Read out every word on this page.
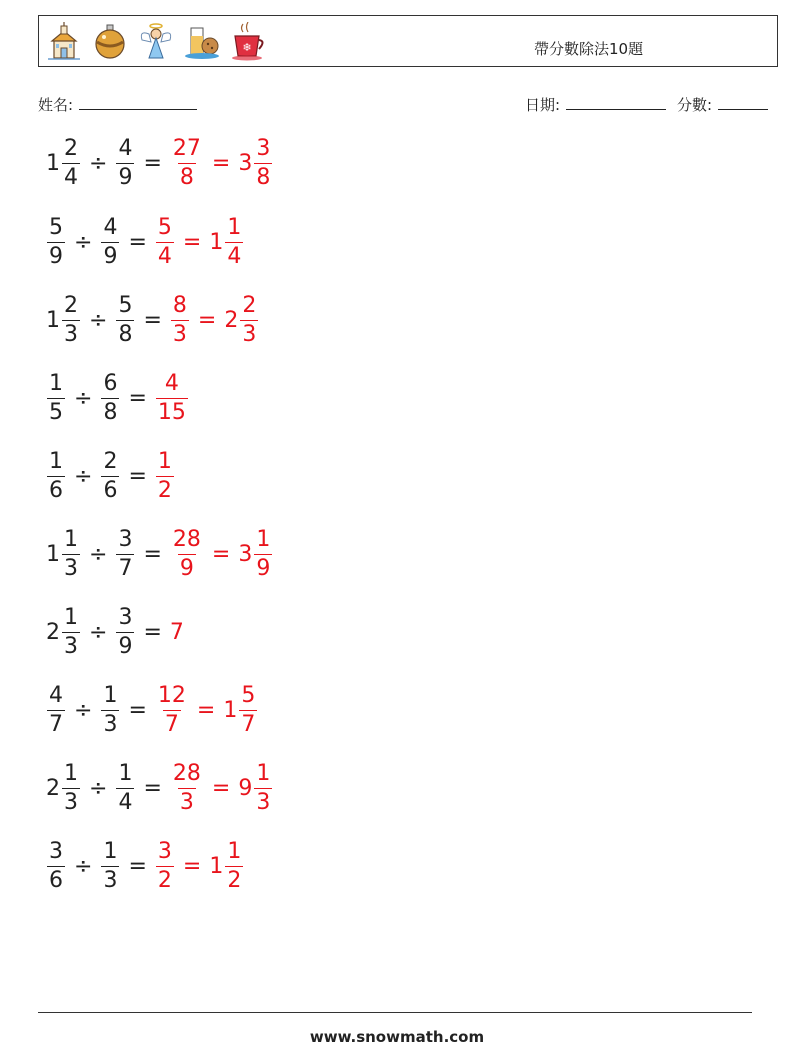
❄	帶分數除法10題
姓名:	日期:	分數:
$1 \frac{2}{4} \div \frac{4}{9} = \frac{27}{8} = 3 \frac{3}{8}$
$\frac{5}{9} \div \frac{4}{9} = \frac{5}{4} = 1 \frac{1}{4}$
$1 \frac{2}{3} \div \frac{5}{8} = \frac{8}{3} = 2 \frac{2}{3}$
$\frac{1}{5} \div \frac{6}{8} = \frac{4}{15}$
$\frac{1}{6} \div \frac{2}{6} = \frac{1}{2}$
$1 \frac{1}{3} \div \frac{3}{7} = \frac{28}{9} = 3 \frac{1}{9}$
$2 \frac{1}{3} \div \frac{3}{9} = 7$
$\frac{4}{7} \div \frac{1}{3} = \frac{12}{7} = 1 \frac{5}{7}$
$2 \frac{1}{3} \div \frac{1}{4} = \frac{28}{3} = 9 \frac{1}{3}$
$\frac{3}{6} \div \frac{1}{3} = \frac{3}{2} = 1 \frac{1}{2}$
www.snowmath.com
